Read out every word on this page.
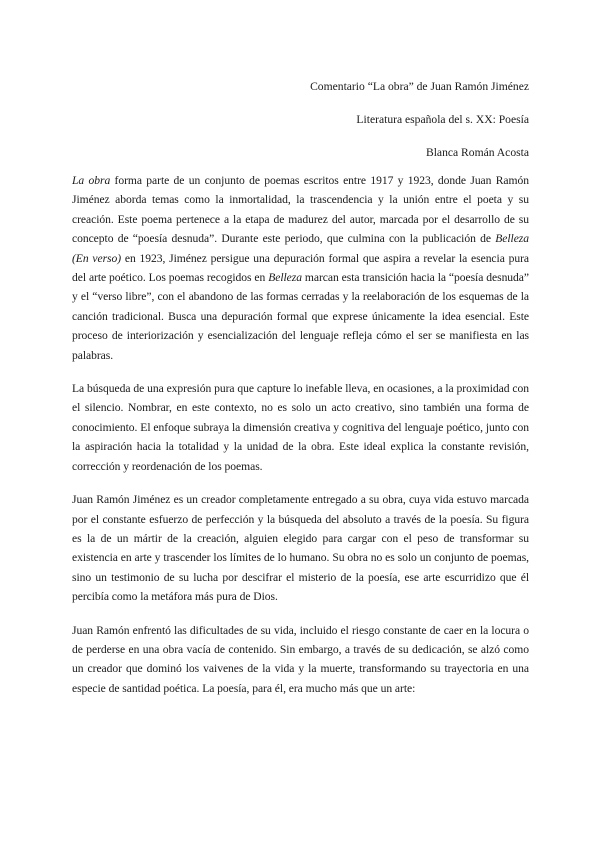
Comentario “La obra” de Juan Ramón Jiménez
Literatura española del s. XX: Poesía
Blanca Román Acosta

La obra forma parte de un conjunto de poemas escritos entre 1917 y 1923, donde Juan Ramón Jiménez aborda temas como la inmortalidad, la trascendencia y la unión entre el poeta y su creación. Este poema pertenece a la etapa de madurez del autor, marcada por el desarrollo de su concepto de “poesía desnuda”. Durante este periodo, que culmina con la publicación de Belleza (En verso) en 1923, Jiménez persigue una depuración formal que aspira a revelar la esencia pura del arte poético. Los poemas recogidos en Belleza marcan esta transición hacia la “poesía desnuda” y el “verso libre”, con el abandono de las formas cerradas y la reelaboración de los esquemas de la canción tradicional. Busca una depuración formal que exprese únicamente la idea esencial. Este proceso de interiorización y esencialización del lenguaje refleja cómo el ser se manifiesta en las palabras.

La búsqueda de una expresión pura que capture lo inefable lleva, en ocasiones, a la proximidad con el silencio. Nombrar, en este contexto, no es solo un acto creativo, sino también una forma de conocimiento. El enfoque subraya la dimensión creativa y cognitiva del lenguaje poético, junto con la aspiración hacia la totalidad y la unidad de la obra. Este ideal explica la constante revisión, corrección y reordenación de los poemas.

Juan Ramón Jiménez es un creador completamente entregado a su obra, cuya vida estuvo marcada por el constante esfuerzo de perfección y la búsqueda del absoluto a través de la poesía. Su figura es la de un mártir de la creación, alguien elegido para cargar con el peso de transformar su existencia en arte y trascender los límites de lo humano. Su obra no es solo un conjunto de poemas, sino un testimonio de su lucha por descifrar el misterio de la poesía, ese arte escurridizo que él percibía como la metáfora más pura de Dios.

Juan Ramón enfrentó las dificultades de su vida, incluido el riesgo constante de caer en la locura o de perderse en una obra vacía de contenido. Sin embargo, a través de su dedicación, se alzó como un creador que dominó los vaivenes de la vida y la muerte, transformando su trayectoria en una especie de santidad poética. La poesía, para él, era mucho más que un arte:
